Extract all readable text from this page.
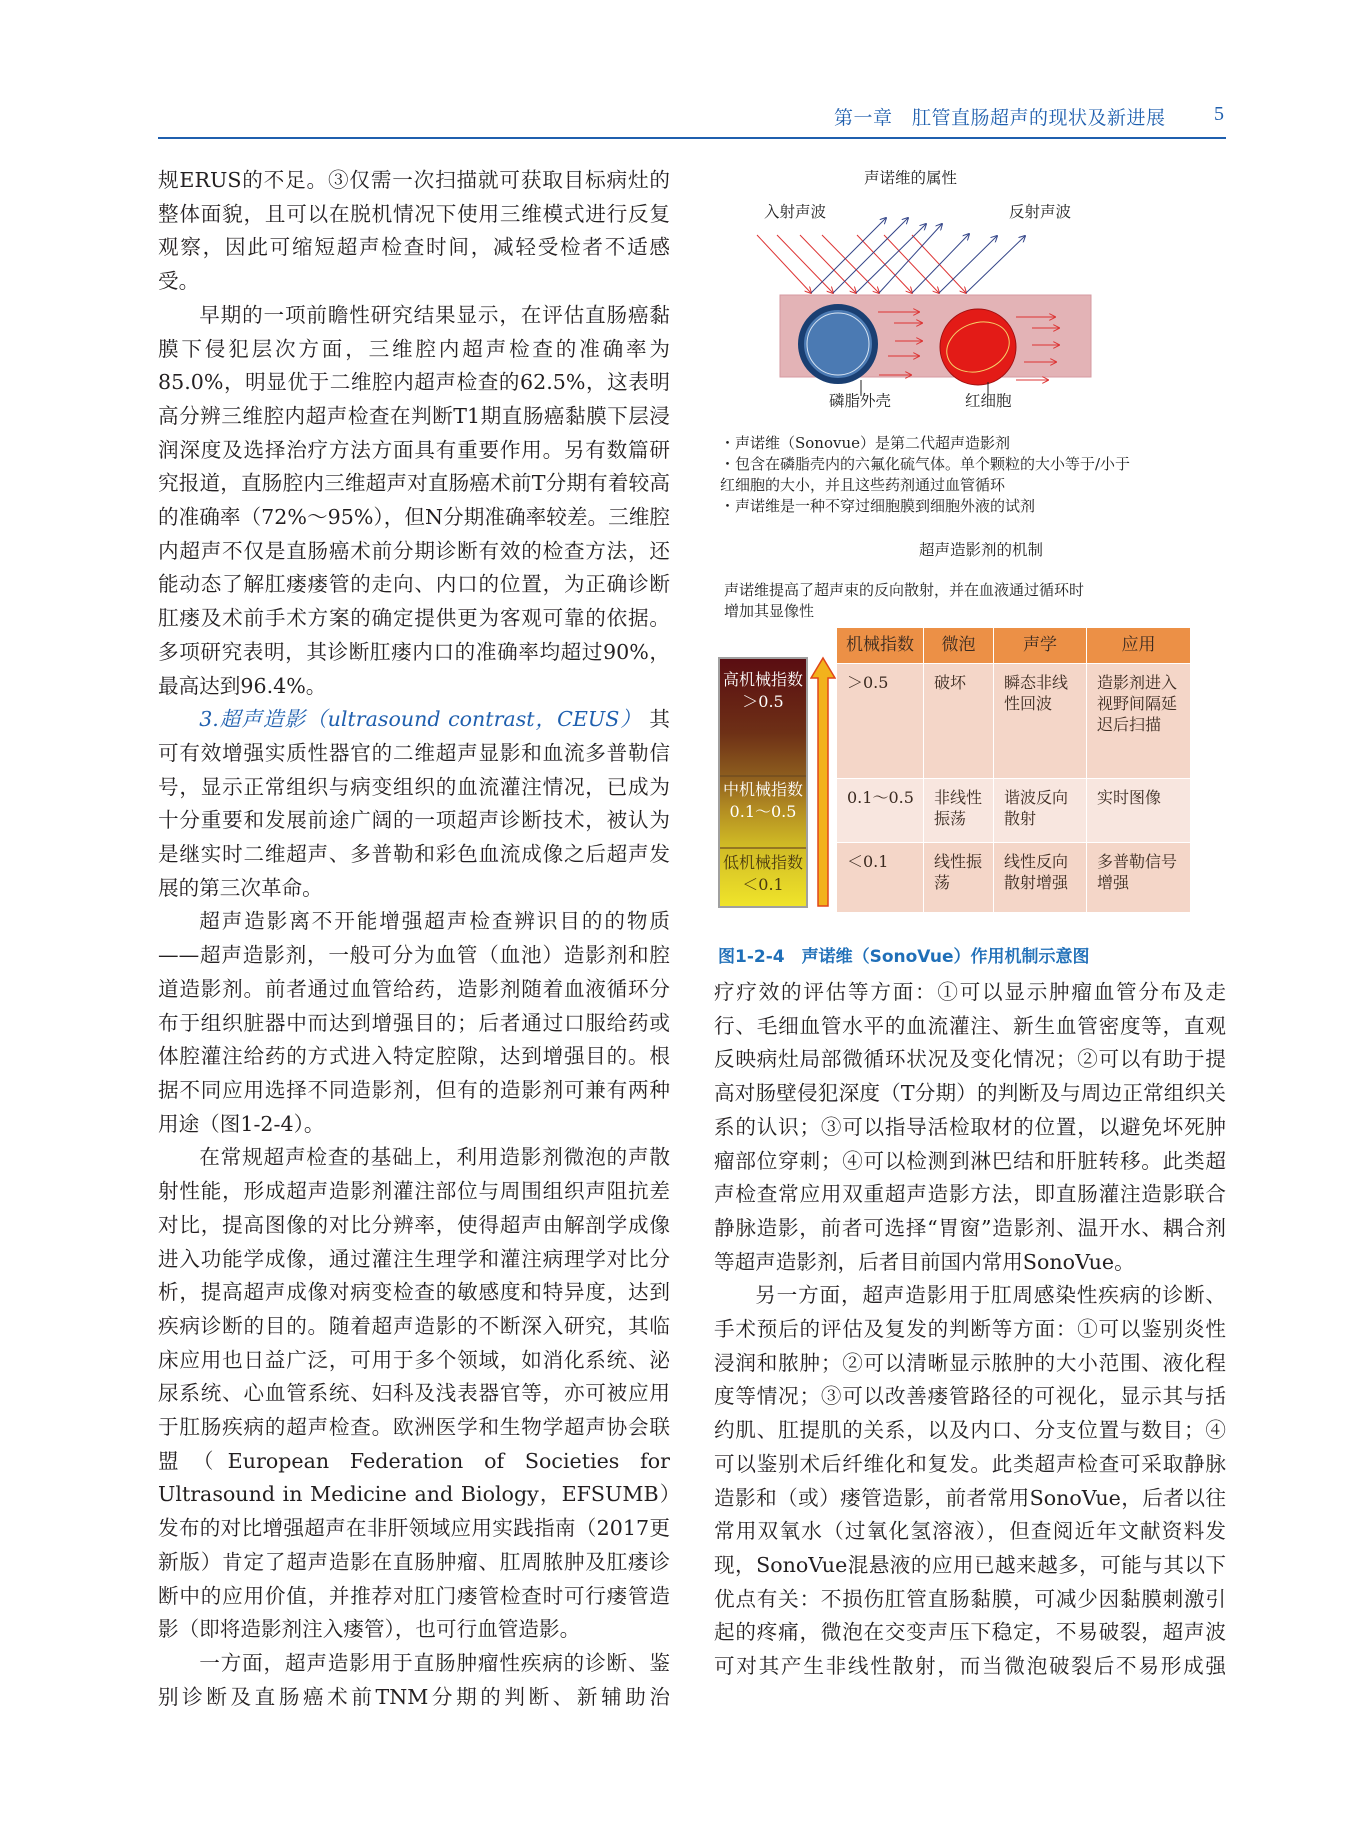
第一章　肛管直肠超声的现状及新进展 5

规ERUS的不足。③仅需一次扫描就可获取目标病灶的整体面貌，且可以在脱机情况下使用三维模式进行反复观察，因此可缩短超声检查时间，减轻受检者不适感受。

早期的一项前瞻性研究结果显示，在评估直肠癌黏膜下侵犯层次方面，三维腔内超声检查的准确率为85.0%，明显优于二维腔内超声检查的62.5%，这表明高分辨三维腔内超声检查在判断T1期直肠癌黏膜下层浸润深度及选择治疗方法方面具有重要作用。另有数篇研究报道，直肠腔内三维超声对直肠癌术前T分期有着较高的准确率（72%～95%），但N分期准确率较差。三维腔内超声不仅是直肠癌术前分期诊断有效的检查方法，还能动态了解肛瘘瘘管的走向、内口的位置，为正确诊断肛瘘及术前手术方案的确定提供更为客观可靠的依据。多项研究表明，其诊断肛瘘内口的准确率均超过90%，最高达到96.4%。

3.超声造影（ultrasound contrast，CEUS） 其可有效增强实质性器官的二维超声显影和血流多普勒信号，显示正常组织与病变组织的血流灌注情况，已成为十分重要和发展前途广阔的一项超声诊断技术，被认为是继实时二维超声、多普勒和彩色血流成像之后超声发展的第三次革命。

超声造影离不开能增强超声检查辨识目的的物质——超声造影剂，一般可分为血管（血池）造影剂和腔道造影剂。前者通过血管给药，造影剂随着血液循环分布于组织脏器中而达到增强目的；后者通过口服给药或体腔灌注给药的方式进入特定腔隙，达到增强目的。根据不同应用选择不同造影剂，但有的造影剂可兼有两种用途（图1-2-4）。

在常规超声检查的基础上，利用造影剂微泡的声散射性能，形成超声造影剂灌注部位与周围组织声阻抗差对比，提高图像的对比分辨率，使得超声由解剖学成像进入功能学成像，通过灌注生理学和灌注病理学对比分析，提高超声成像对病变检查的敏感度和特异度，达到疾病诊断的目的。随着超声造影的不断深入研究，其临床应用也日益广泛，可用于多个领域，如消化系统、泌尿系统、心血管系统、妇科及浅表器官等，亦可被应用于肛肠疾病的超声检查。欧洲医学和生物学超声协会联盟（European Federation of Societies for Ultrasound in Medicine and Biology，EFSUMB）发布的对比增强超声在非肝领域应用实践指南（2017更新版）肯定了超声造影在直肠肿瘤、肛周脓肿及肛瘘诊断中的应用价值，并推荐对肛门瘘管检查时可行瘘管造影（即将造影剂注入瘘管），也可行血管造影。

一方面，超声造影用于直肠肿瘤性疾病的诊断、鉴别诊断及直肠癌术前TNM分期的判断、新辅助治

声诺维的属性
入射声波	反射声波
磷脂外壳	红细胞
・声诺维（Sonovue）是第二代超声造影剂
・包含在磷脂壳内的六氟化硫气体。单个颗粒的大小等于/小于
红细胞的大小，并且这些药剂通过血管循环
・声诺维是一种不穿过细胞膜到细胞外液的试剂
超声造影剂的机制
声诺维提高了超声束的反向散射，并在血液通过循环时
增加其显像性
高机械指数
＞0.5
中机械指数
0.1～0.5
低机械指数
＜0.1
机械指数	微泡	声学	应用
＞0.5	破坏	瞬态非线性回波	造影剂进入视野间隔延迟后扫描
0.1～0.5	非线性振荡	谐波反向散射	实时图像
＜0.1	线性振荡	线性反向散射增强	多普勒信号增强
图1-2-4　声诺维（SonoVue）作用机制示意图

疗疗效的评估等方面：①可以显示肿瘤血管分布及走行、毛细血管水平的血流灌注、新生血管密度等，直观反映病灶局部微循环状况及变化情况；②可以有助于提高对肠壁侵犯深度（T分期）的判断及与周边正常组织关系的认识；③可以指导活检取材的位置，以避免坏死肿瘤部位穿刺；④可以检测到淋巴结和肝脏转移。此类超声检查常应用双重超声造影方法，即直肠灌注造影联合静脉造影，前者可选择“胃窗”造影剂、温开水、耦合剂等超声造影剂，后者目前国内常用SonoVue。

另一方面，超声造影用于肛周感染性疾病的诊断、手术预后的评估及复发的判断等方面：①可以鉴别炎性浸润和脓肿；②可以清晰显示脓肿的大小范围、液化程度等情况；③可以改善瘘管路径的可视化，显示其与括约肌、肛提肌的关系，以及内口、分支位置与数目；④可以鉴别术后纤维化和复发。此类超声检查可采取静脉造影和（或）瘘管造影，前者常用SonoVue，后者以往常用双氧水（过氧化氢溶液），但查阅近年文献资料发现，SonoVue混悬液的应用已越来越多，可能与其以下优点有关：不损伤肛管直肠黏膜，可减少因黏膜刺激引起的疼痛，微泡在交变声压下稳定，不易破裂，超声波可对其产生非线性散射，而当微泡破裂后不易形成强
